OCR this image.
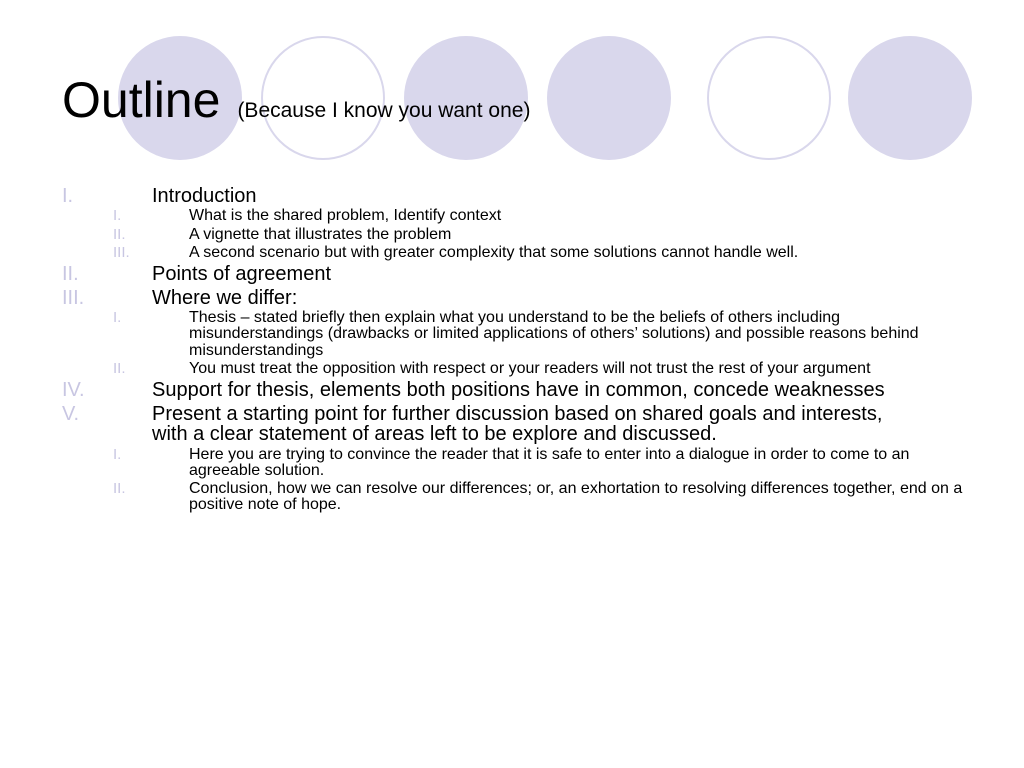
Outline (Because I know you want one)
I.	Introduction
I.	What is the shared problem, Identify context
II.	A vignette that illustrates the problem
III.	A second scenario but with greater complexity that some solutions cannot handle well.
II.	Points of agreement
III.	Where we differ:
I.	Thesis – stated briefly then explain what you understand to be the beliefs of others including misunderstandings (drawbacks or limited applications of others’ solutions) and possible reasons behind misunderstandings
II.	You must treat the opposition with respect or your readers will not trust the rest of your argument
IV.	Support for thesis, elements both positions have in common, concede weaknesses
V.	Present a starting point for further discussion based on shared goals and interests, with a clear statement of areas left to be explore and discussed.
I.	Here you are trying to convince the reader that it is safe to enter into a dialogue in order to come to an agreeable solution.
II.	Conclusion, how we can resolve our differences; or, an exhortation to resolving differences together, end on a positive note of hope.
